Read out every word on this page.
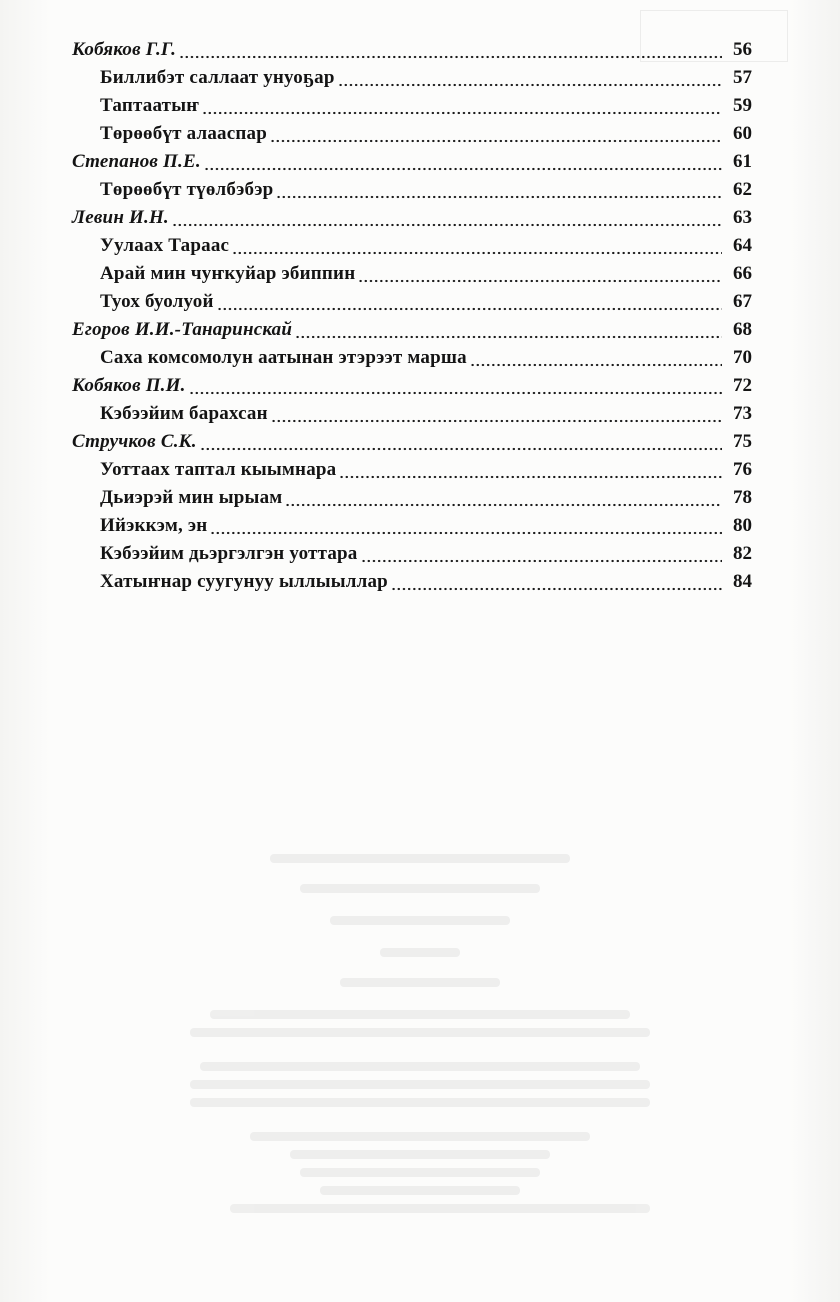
Кобяков Г.Г.	56
Биллибэт саллаат унуоҕар	57
Таптаатыҥ	59
Төрөөбүт алааспар	60
Степанов П.Е.	61
Төрөөбүт түөлбэбэр	62
Левин И.Н.	63
Уулаах Тараас	64
Арай мин чуҥкуйар эбиппин	66
Туох буолуой	67
Егоров И.И.-Танаринскай	68
Саха комсомолун аатынан этэрээт марша	70
Кобяков П.И.	72
Кэбээйим барахсан	73
Стручков С.К.	75
Уоттаах таптал кыымнара	76
Дьиэрэй мин ырыам	78
Ийэккэм, эн	80
Кэбээйим дьэргэлгэн уоттара	82
Хатыҥнар суугунуу ыллыыллар	84
